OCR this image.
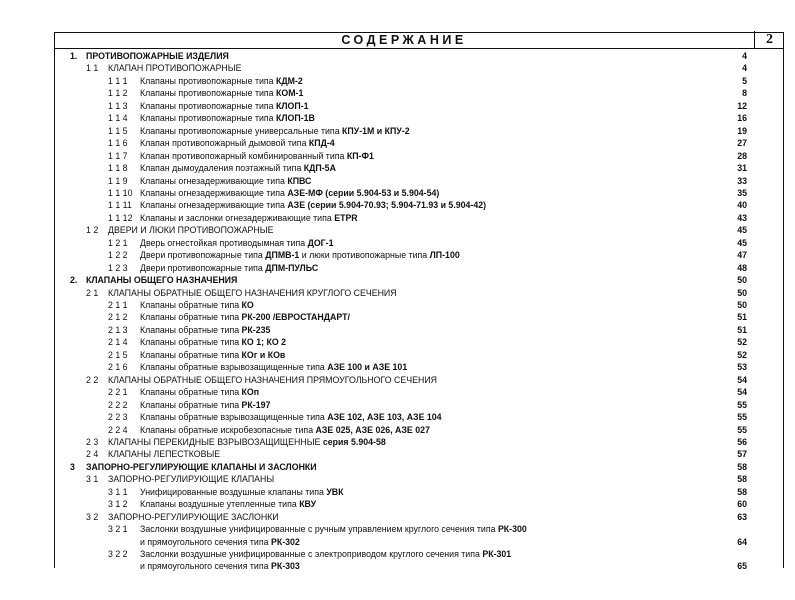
СОДЕРЖАНИЕ	2
1. ПРОТИВОПОЖАРНЫЕ ИЗДЕЛИЯ	4
1 1 КЛАПАН ПРОТИВОПОЖАРНЫЕ	4
1 1 1 Клапаны противопожарные типа КДМ-2	5
1 1 2 Клапаны противопожарные типа КОМ-1	8
1 1 3 Клапаны противопожарные типа КЛОП-1	12
1 1 4 Клапаны противопожарные типа КЛОП-1В	16
1 1 5 Клапаны противопожарные универсальные типа КПУ-1М и КПУ-2	19
1 1 6 Клапан противопожарный дымовой типа КПД-4	27
1 1 7 Клапан противопожарный комбинированный типа КП-Ф1	28
1 1 8 Клапан дымоудаления поэтажный типа КДП-5А	31
1 1 9 Клапаны огнезадерживающие типа КПВС	33
1 1 10 Клапаны огнезадерживающие типа АЗЕ-МФ (серии 5.904-53 и 5.904-54)	35
1 1 11 Клапаны огнезадерживающие типа АЗЕ (серии 5.904-70.93; 5.904-71.93 и 5.904-42)	40
1 1 12 Клапаны и заслонки огнезадерживающие типа ETPR	43
1 2 ДВЕРИ И ЛЮКИ ПРОТИВОПОЖАРНЫЕ	45
1 2 1 Дверь огнестойкая противодымная типа ДОГ-1	45
1 2 2 Двери противопожарные типа ДПМВ-1 и люки противопожарные типа ЛП-100	47
1 2 3 Двери противопожарные типа ДПМ-ПУЛЬС	48
2. КЛАПАНЫ ОБЩЕГО НАЗНАЧЕНИЯ	50
2 1 КЛАПАНЫ ОБРАТНЫЕ ОБЩЕГО НАЗНАЧЕНИЯ КРУГЛОГО СЕЧЕНИЯ	50
2 1 1 Клапаны обратные типа КО	50
2 1 2 Клапаны обратные типа РК-200 /ЕВРОСТАНДАРТ/	51
2 1 3 Клапаны обратные типа РК-235	51
2 1 4 Клапаны обратные типа КО 1; КО 2	52
2 1 5 Клапаны обратные типа КОг и КОв	52
2 1 6 Клапаны обратные взрывозащищенные типа АЗЕ 100 и АЗЕ 101	53
2 2 КЛАПАНЫ ОБРАТНЫЕ ОБЩЕГО НАЗНАЧЕНИЯ ПРЯМОУГОЛЬНОГО СЕЧЕНИЯ	54
2 2 1 Клапаны обратные типа КОп	54
2 2 2 Клапаны обратные типа РК-197	55
2 2 3 Клапаны обратные взрывозащищенные типа АЗЕ 102, АЗЕ 103, АЗЕ 104	55
2 2 4 Клапаны обратные искробезопасные типа АЗЕ 025, АЗЕ 026, АЗЕ 027	55
2 3 КЛАПАНЫ ПЕРЕКИДНЫЕ ВЗРЫВОЗАЩИЩЕННЫЕ серия 5.904-58	56
2 4 КЛАПАНЫ ЛЕПЕСТКОВЫЕ	57
3 ЗАПОРНО-РЕГУЛИРУЮЩИЕ КЛАПАНЫ И ЗАСЛОНКИ	58
3 1 ЗАПОРНО-РЕГУЛИРУЮЩИЕ КЛАПАНЫ	58
3 1 1 Унифицированные воздушные клапаны типа УВК	58
3 1 2 Клапаны воздушные утепленные типа КВУ	60
3 2 ЗАПОРНО-РЕГУЛИРУЮЩИЕ ЗАСЛОНКИ	63
3 2 1 Заслонки воздушные унифицированные с ручным управлением круглого сечения типа РК-300
и прямоугольного сечения типа РК-302	64
3 2 2 Заслонки воздушные унифицированные с электроприводом круглого сечения типа РК-301
и прямоугольного сечения типа РК-303	65
